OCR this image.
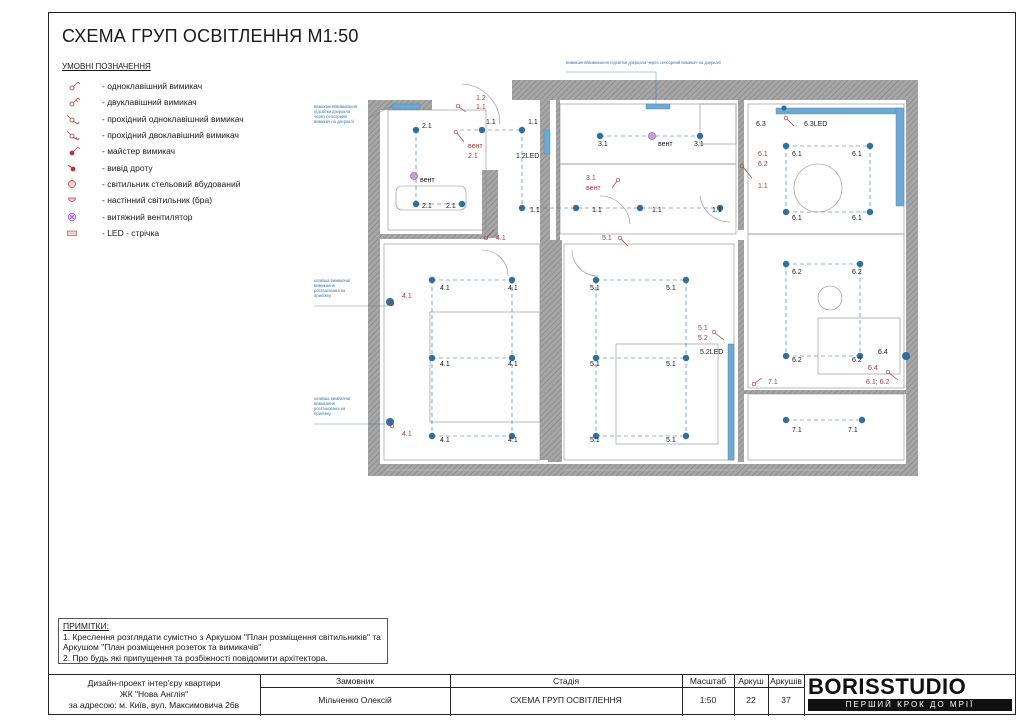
СХЕМА ГРУП ОСВІТЛЕННЯ М1:50
УМОВНІ ПОЗНАЧЕННЯ
- одноклавішний вимикач
- двуклавішний вимикач
- прохідний одноклавішний вимикач
- прохідний двоклавішний вимикач
- майстер вимикач
- вивід дроту
- світильник стельовий вбудований
- настінний світильник (бра)
- витяжний вентилятор
- LED - стрічка
2.1
2.1 2.1
1.1	1.1
1.1	1.1	1.1	1.1
1.2LED
3.1	3.1
4.1	4.1
4.1	4.1
4.1	4.1
5.1	5.1
5.1	5.1
5.1	5.1
5.2LED
6.1	6.1
6.1	6.1
6.2	6.2
6.2	6.2
6.4
6.3	6.3LED
7.1	7.1
вент
вент
1.2
1.1
вент
2.1
4.1
4.1
4.1
3.1
вент
5.1
5.1
5.2
6.1
6.2
1.1
7.1
6.4
6.1; 6.2
вимикання/вимикання підсвітки дзеркала через сенсорний вимикач на дзеркалі
вимикання/вимикання підсвітки дзеркала через сенсорний вимикач на дзеркалі
клавіша вимикача/ вимикання розташована на приліжку
клавіша вимикача/ вимикання розташована на приліжку
ПРИМІТКИ:
1. Креслення розглядати сумістно з Аркушом "План розміщення світильників" та Аркушом "План розміщення розеток та вимикачів"
2. Про будь які припущення та розбіжності повідомити архітектора.
Дизайн-проект інтер'єру квартири
ЖК "Нова Англія"
за адресою: м. Київ, вул. Максимовича 26в
Замовник
Мільченко Олексій
Стадія
СХЕМА ГРУП ОСВІТЛЕННЯ
Масштаб
1:50
Аркуш
22
Аркушів
37
BORISSTUDIO
ПЕРШИЙ КРОК ДО МРІЇ
